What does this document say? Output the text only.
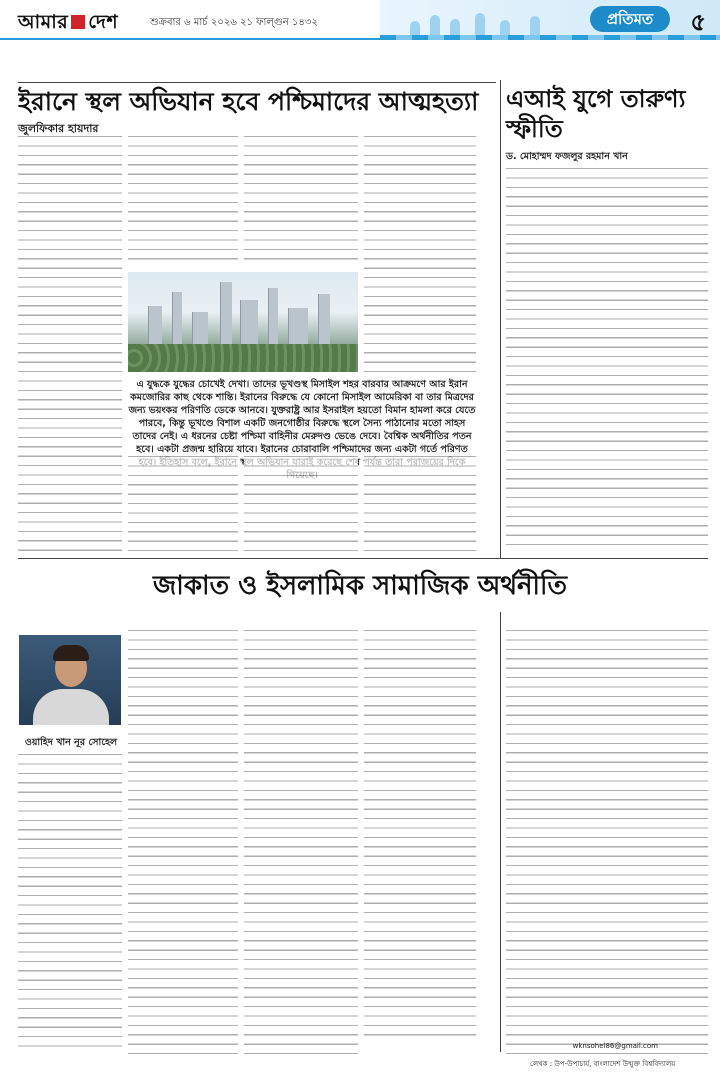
আমার দেশ	শুক্রবার ৬ মার্চ ২০২৬ ২১ ফাল্গুন ১৪৩২	প্রতিমত	৫
ইরানে স্থল অভিযান হবে পশ্চিমাদের আত্মহত্যা
জুলফিকার হায়দার
এ যুদ্ধকে যুদ্ধের চোখেই দেখা। তাদের ভূখণ্ডস্থ মিসাইল শহর বারবার আক্রমণে আর ইরান কমজোরির কাছ থেকে শান্তি। ইরানের বিরুদ্ধে যে কোনো মিসাইল আমেরিকা বা তার মিত্রদের জন্য ভয়ংকর পরিণতি ডেকে আনবে। যুক্তরাষ্ট্র আর ইসরাইল হয়তো বিমান হামলা করে যেতে পারবে, কিন্তু ভূখণ্ডে বিশাল একটি জনগোষ্ঠীর বিরুদ্ধে স্থলে সৈন্য পাঠানোর মতো সাহস তাদের নেই। এ ধরনের চেষ্টা পশ্চিমা বাহিনীর মেরুদণ্ড ভেঙে দেবে। বৈশ্বিক অর্থনীতির পতন হবে। একটা প্রজন্ম হারিয়ে যাবে। ইরানের চোরাবালি পশ্চিমাদের জন্য একটা গর্তে পরিণত
এআই যুগে তারুণ্য স্ফীতি
ড. মোহাম্মদ ফজলুর রহমান খান
জাকাত ও ইসলামিক সামাজিক অর্থনীতি
ওয়াহিদ খান নূর সোহেল
wknsohel86@gmail.com
লেখক : উপ-উপাচার্য, বাংলাদেশ উন্মুক্ত বিশ্ববিদ্যালয়
